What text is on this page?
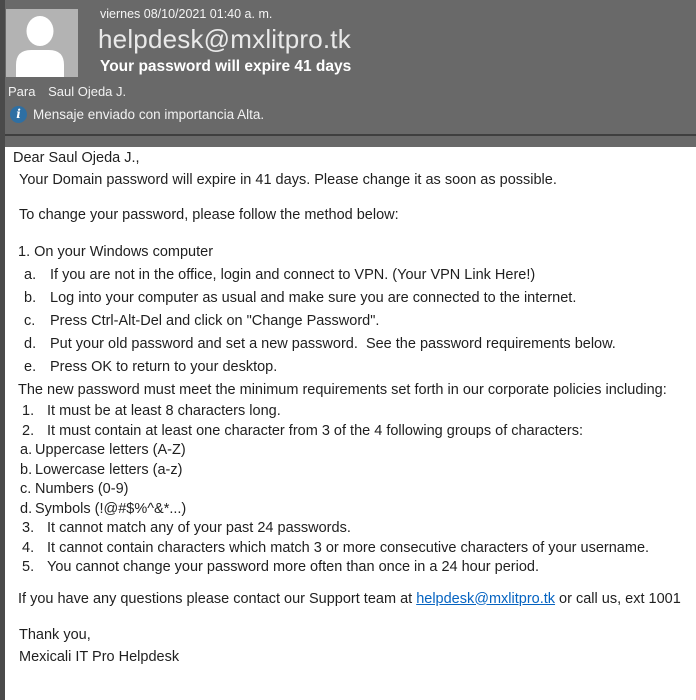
viernes 08/10/2021 01:40 a. m.
helpdesk@mxlitpro.tk
Your password will expire 41 days
Para Saul Ojeda J.
i Mensaje enviado con importancia Alta.
Dear Saul Ojeda J.,
Your Domain password will expire in 41 days. Please change it as soon as possible.
To change your password, please follow the method below:
1. On your Windows computer
a. If you are not in the office, login and connect to VPN. (Your VPN Link Here!)
b. Log into your computer as usual and make sure you are connected to the internet.
c. Press Ctrl-Alt-Del and click on "Change Password".
d. Put your old password and set a new password.  See the password requirements below.
e. Press OK to return to your desktop.
The new password must meet the minimum requirements set forth in our corporate policies including:
1. It must be at least 8 characters long.
2. It must contain at least one character from 3 of the 4 following groups of characters:
a. Uppercase letters (A-Z)
b. Lowercase letters (a-z)
c. Numbers (0-9)
d. Symbols (!@#$%^&*...)
3. It cannot match any of your past 24 passwords.
4. It cannot contain characters which match 3 or more consecutive characters of your username.
5. You cannot change your password more often than once in a 24 hour period.
If you have any questions please contact our Support team at helpdesk@mxlitpro.tk or call us, ext 1001
Thank you,
Mexicali IT Pro Helpdesk
